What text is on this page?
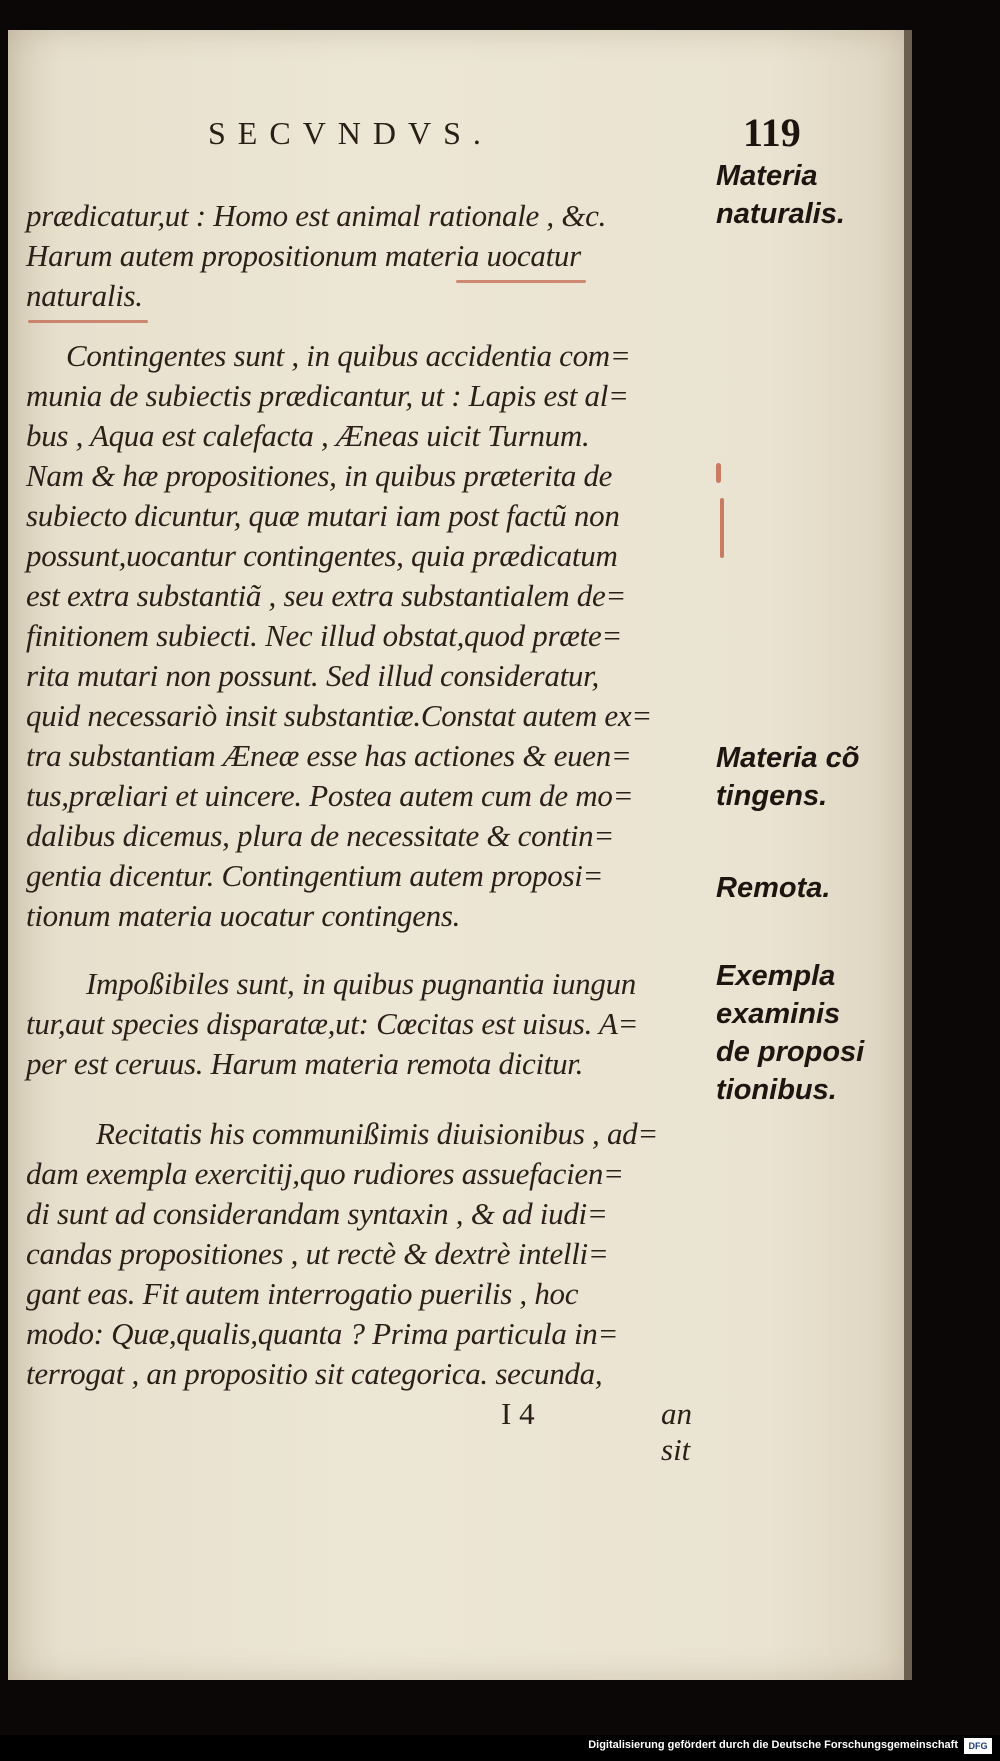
SECVNDVS.	119
prædicatur,ut : Homo est animal rationale , &c.
Harum autem propositionum materia uocatur
naturalis.
Contingentes sunt , in quibus accidentia com=
munia de subiectis prædicantur, ut : Lapis est al=
bus , Aqua est calefacta , Æneas uicit Turnum.
Nam & hæ propositiones, in quibus præterita de
subiecto dicuntur, quæ mutari iam post factũ non
possunt,uocantur contingentes, quia prædicatum
est extra substantiã , seu extra substantialem de=
finitionem subiecti. Nec illud obstat,quod præte=
rita mutari non possunt. Sed illud consideratur,
quid necessariò insit substantiæ.Constat autem ex=
tra substantiam Æneæ esse has actiones & euen=
tus,præliari et uincere. Postea autem cum de mo=
dalibus dicemus, plura de necessitate & contin=
gentia dicentur. Contingentium autem proposi=
tionum materia uocatur contingens.
Impoßibiles sunt, in quibus pugnantia iungun
tur,aut species disparatæ,ut: Cœcitas est uisus. A=
per est ceruus. Harum materia remota dicitur.
Recitatis his communißimis diuisionibus , ad=
dam exempla exercitij,quo rudiores assuefacien=
di sunt ad considerandam syntaxin , & ad iudi=
candas propositiones , ut rectè & dextrè intelli=
gant eas. Fit autem interrogatio puerilis , hoc
modo: Quæ,qualis,quanta ? Prima particula in=
terrogat , an propositio sit categorica. secunda,
I 4	an sit
Materia
naturalis.
Materia cõ
tingens.
Remota.
Exempla
examinis
de proposi
tionibus.
Digitalisierung gefördert durch die Deutsche Forschungsgemeinschaft	DFG
